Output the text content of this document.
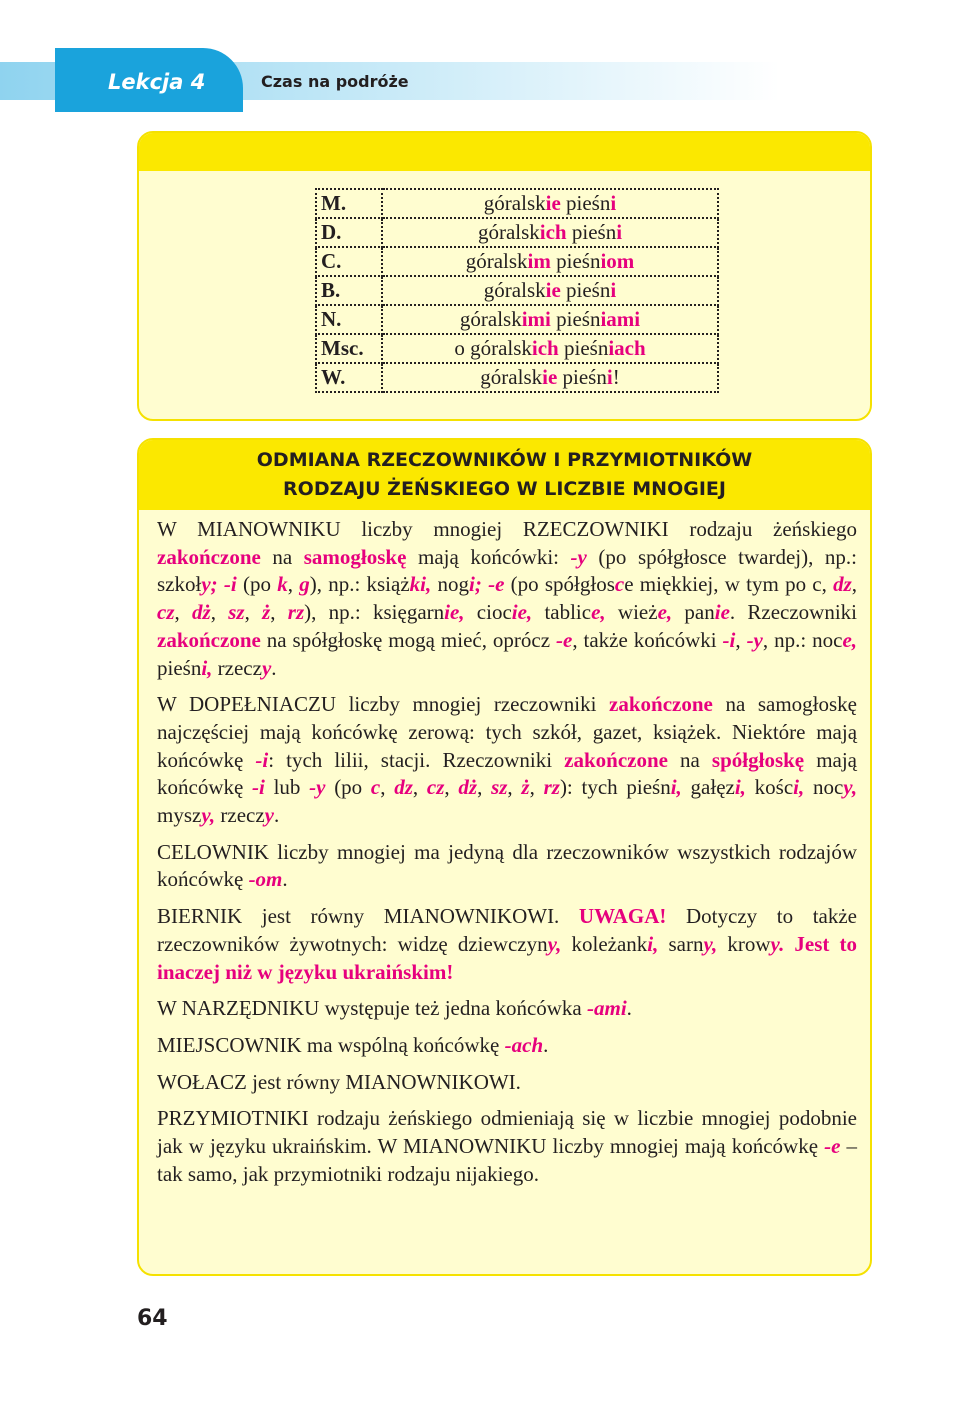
Lekcja 4	Czas na podróże
M.	góralskie pieśni
D.	góralskich pieśni
C.	góralskim pieśniom
B.	góralskie pieśni
N.	góralskimi pieśniami
Msc.	o góralskich pieśniach
W.	góralskie pieśni!
ODMIANA RZECZOWNIKÓW I PRZYMIOTNIKÓW
RODZAJU ŻEŃSKIEGO W LICZBIE MNOGIEJ

W MIANOWNIKU liczby mnogiej RZECZOWNIKI rodzaju żeńskiego zakończone na samogłoskę mają końcówki: -y (po spółgłosce twardej), np.: szkoły; -i (po k, g), np.: książki, nogi; -e (po spółgłosce miękkiej, w tym po c, dz, cz, dż, sz, ż, rz), np.: księgarnie, ciocie, tablice, wieże, panie. Rzeczowniki zakończone na spółgłoskę mogą mieć, oprócz -e, także końcówki -i, -y, np.: noce, pieśni, rzeczy.

W DOPEŁNIACZU liczby mnogiej rzeczowniki zakończone na samogłoskę najczęściej mają końcówkę zerową: tych szkół, gazet, książek. Niektóre mają końcówkę -i: tych lilii, stacji. Rzeczowniki zakończone na spółgłoskę mają końcówkę -i lub -y (po c, dz, cz, dż, sz, ż, rz): tych pieśni, gałęzi, kości, nocy, myszy, rzeczy.

CELOWNIK liczby mnogiej ma jedyną dla rzeczowników wszystkich rodzajów końcówkę -om.

BIERNIK jest równy MIANOWNIKOWI. UWAGA! Dotyczy to także rzeczowników żywotnych: widzę dziewczyny, koleżanki, sarny, krowy. Jest to inaczej niż w języku ukraińskim!

W NARZĘDNIKU występuje też jedna końcówka -ami.

MIEJSCOWNIK ma wspólną końcówkę -ach.

WOŁACZ jest równy MIANOWNIKOWI.

PRZYMIOTNIKI rodzaju żeńskiego odmieniają się w liczbie mnogiej podobnie jak w języku ukraińskim. W MIANOWNIKU liczby mnogiej mają końcówkę -e – tak samo, jak przymiotniki rodzaju nijakiego.

64
